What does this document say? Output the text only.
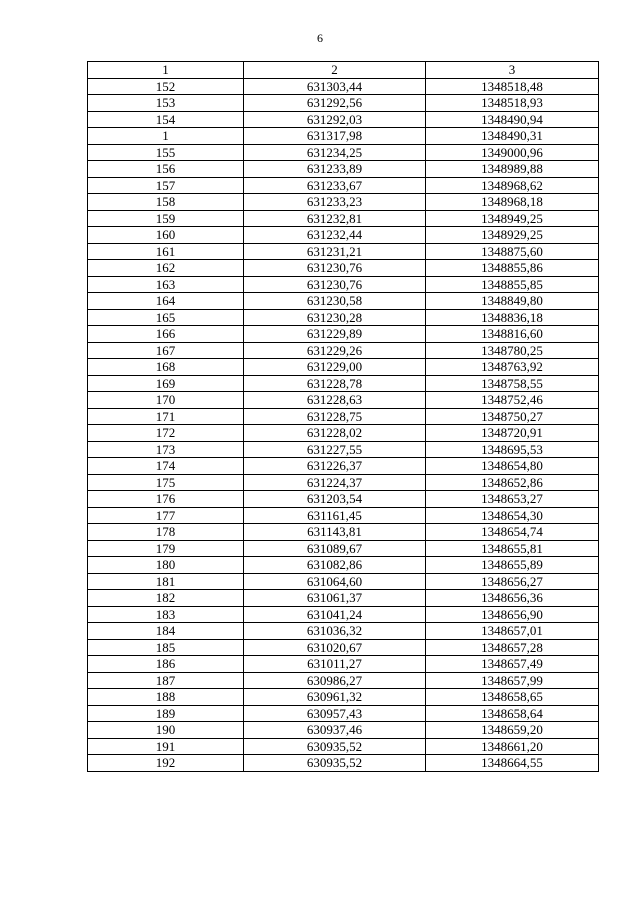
6
1	2	3
152	631303,44	1348518,48
153	631292,56	1348518,93
154	631292,03	1348490,94
1	631317,98	1348490,31
155	631234,25	1349000,96
156	631233,89	1348989,88
157	631233,67	1348968,62
158	631233,23	1348968,18
159	631232,81	1348949,25
160	631232,44	1348929,25
161	631231,21	1348875,60
162	631230,76	1348855,86
163	631230,76	1348855,85
164	631230,58	1348849,80
165	631230,28	1348836,18
166	631229,89	1348816,60
167	631229,26	1348780,25
168	631229,00	1348763,92
169	631228,78	1348758,55
170	631228,63	1348752,46
171	631228,75	1348750,27
172	631228,02	1348720,91
173	631227,55	1348695,53
174	631226,37	1348654,80
175	631224,37	1348652,86
176	631203,54	1348653,27
177	631161,45	1348654,30
178	631143,81	1348654,74
179	631089,67	1348655,81
180	631082,86	1348655,89
181	631064,60	1348656,27
182	631061,37	1348656,36
183	631041,24	1348656,90
184	631036,32	1348657,01
185	631020,67	1348657,28
186	631011,27	1348657,49
187	630986,27	1348657,99
188	630961,32	1348658,65
189	630957,43	1348658,64
190	630937,46	1348659,20
191	630935,52	1348661,20
192	630935,52	1348664,55
